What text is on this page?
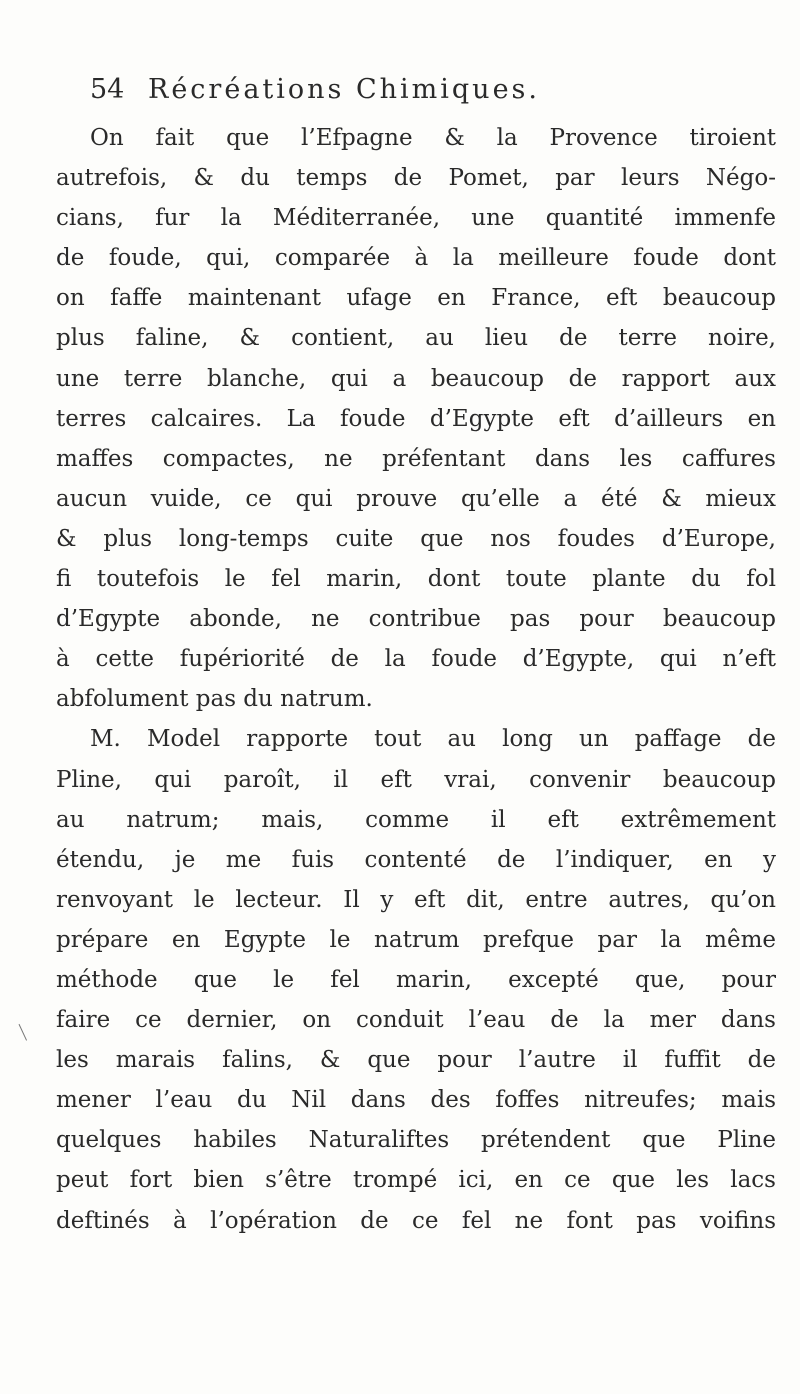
54 Récréations Chimiques.
On fait que l’Efpagne & la Provence tiroient
autrefois, & du temps de Pomet, par leurs Négo-
cians, fur la Méditerranée, une quantité immenfe
de foude, qui, comparée à la meilleure foude dont
on faffe maintenant ufage en France, eft beaucoup
plus faline, & contient, au lieu de terre noire,
une terre blanche, qui a beaucoup de rapport aux
terres calcaires. La foude d’Egypte eft d’ailleurs en
maffes compactes, ne préfentant dans les caffures
aucun vuide, ce qui prouve qu’elle a été & mieux
& plus long-temps cuite que nos foudes d’Europe,
fi toutefois le fel marin, dont toute plante du fol
d’Egypte abonde, ne contribue pas pour beaucoup
à cette fupériorité de la foude d’Egypte, qui n’eft
abfolument pas du natrum.
M. Model rapporte tout au long un paffage de
Pline, qui paroît, il eft vrai, convenir beaucoup
au natrum; mais, comme il eft extrêmement
étendu, je me fuis contenté de l’indiquer, en y
renvoyant le lecteur. Il y eft dit, entre autres, qu’on
prépare en Egypte le natrum prefque par la même
méthode que le fel marin, excepté que, pour
faire ce dernier, on conduit l’eau de la mer dans
les marais falins, & que pour l’autre il fuffit de
mener l’eau du Nil dans des foffes nitreufes; mais
quelques habiles Naturaliftes prétendent que Pline
peut fort bien s’être trompé ici, en ce que les lacs
deftinés à l’opération de ce fel ne font pas voifins
